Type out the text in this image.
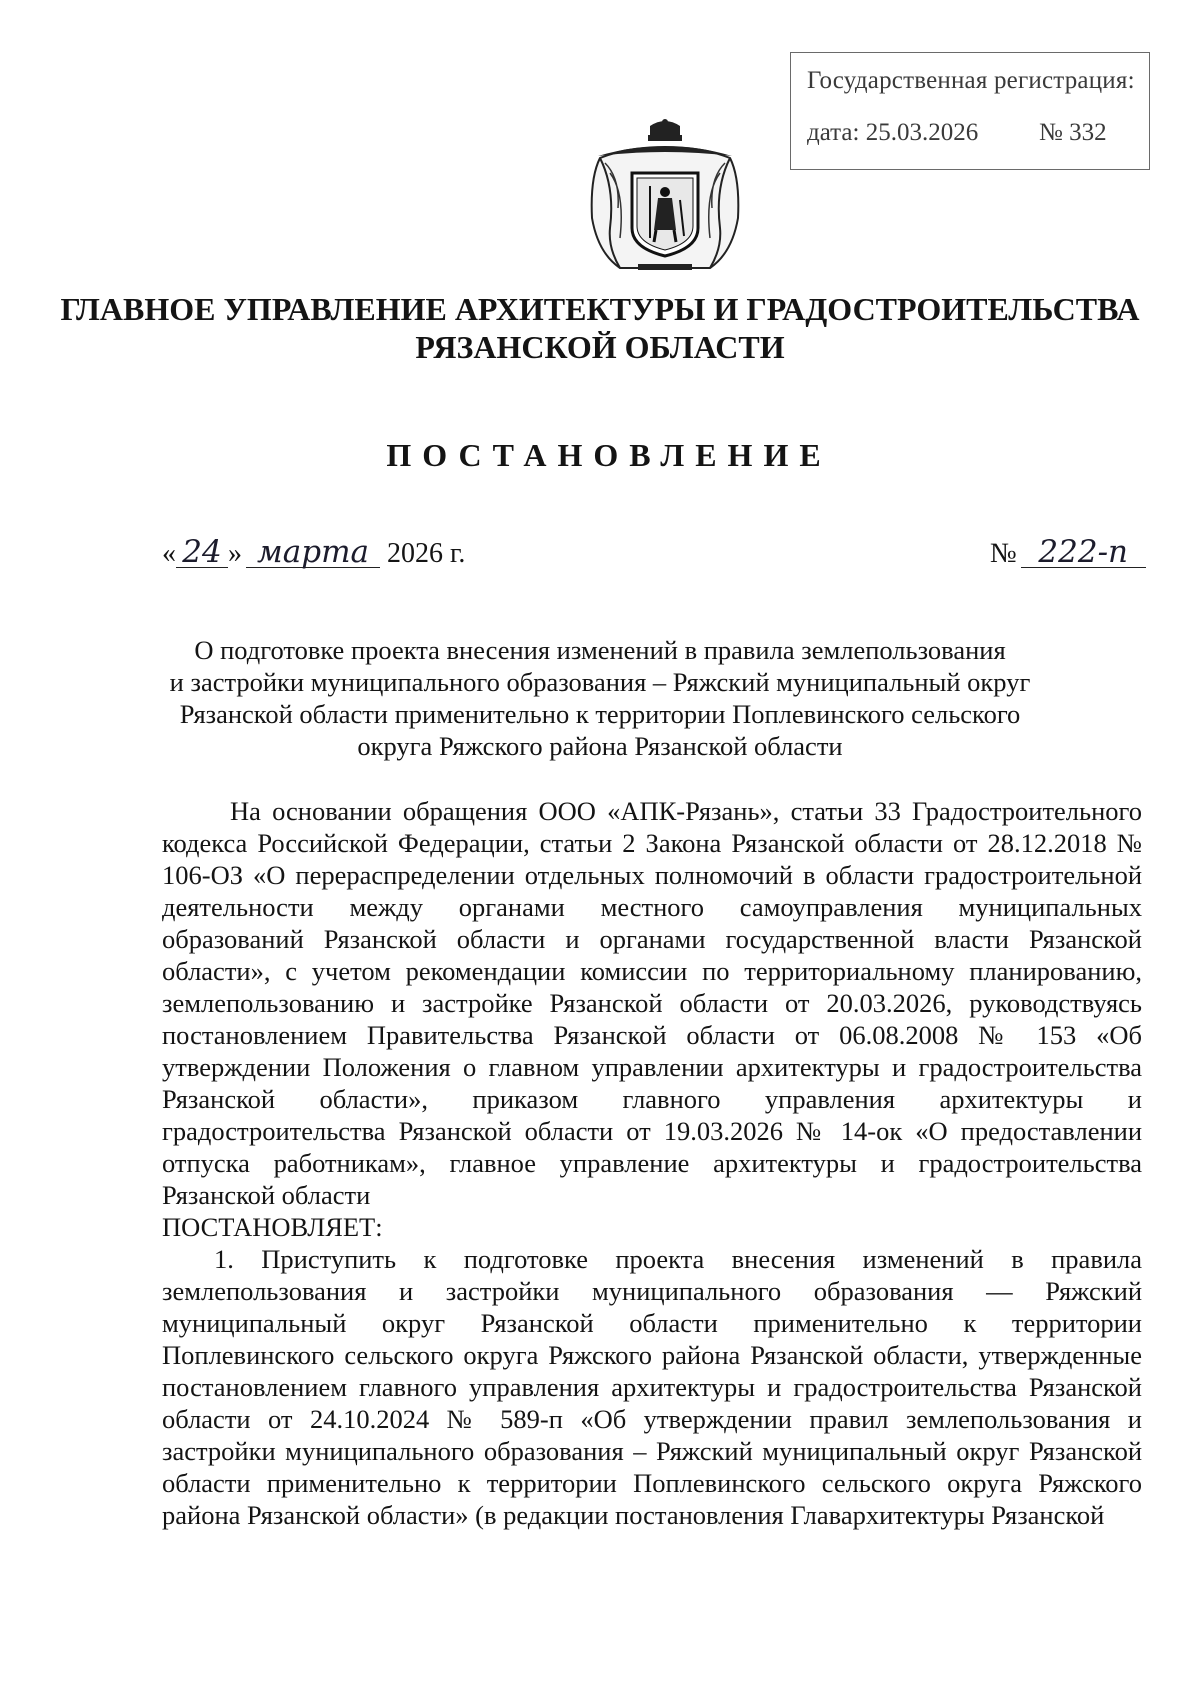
Государственная регистрация:
дата: 25.03.2026 № 332
ГЛАВНОЕ УПРАВЛЕНИЕ АРХИТЕКТУРЫ И ГРАДОСТРОИТЕЛЬСТВА
РЯЗАНСКОЙ ОБЛАСТИ
ПОСТАНОВЛЕНИЕ
« 24 » марта 2026 г.	№ 222-п
О подготовке проекта внесения изменений в правила землепользования
и застройки муниципального образования – Ряжский муниципальный округ
Рязанской области применительно к территории Поплевинского сельского
округа Ряжского района Рязанской области

На основании обращения ООО «АПК-Рязань», статьи 33 Градостроительного кодекса Российской Федерации, статьи 2 Закона Рязанской области от 28.12.2018 № 106-ОЗ «О перераспределении отдельных полномочий в области градостроительной деятельности между органами местного самоуправления муниципальных образований Рязанской области и органами государственной власти Рязанской области», с учетом рекомендации комиссии по территориальному планированию, землепользованию и застройке Рязанской области от 20.03.2026, руководствуясь постановлением Правительства Рязанской области от 06.08.2008 № 153 «Об утверждении Положения о главном управлении архитектуры и градостроительства Рязанской области», приказом главного управления архитектуры и градостроительства Рязанской области от 19.03.2026 № 14-ок «О предоставлении отпуска работникам», главное управление архитектуры и градостроительства Рязанской области

ПОСТАНОВЛЯЕТ:

1. Приступить к подготовке проекта внесения изменений в правила землепользования и застройки муниципального образования — Ряжский муниципальный округ Рязанской области применительно к территории Поплевинского сельского округа Ряжского района Рязанской области, утвержденные постановлением главного управления архитектуры и градостроительства Рязанской области от 24.10.2024 № 589-п «Об утверждении правил землепользования и застройки муниципального образования – Ряжский муниципальный округ Рязанской области применительно к территории Поплевинского сельского округа Ряжского района Рязанской области» (в редакции постановления Главархитектуры Рязанской
